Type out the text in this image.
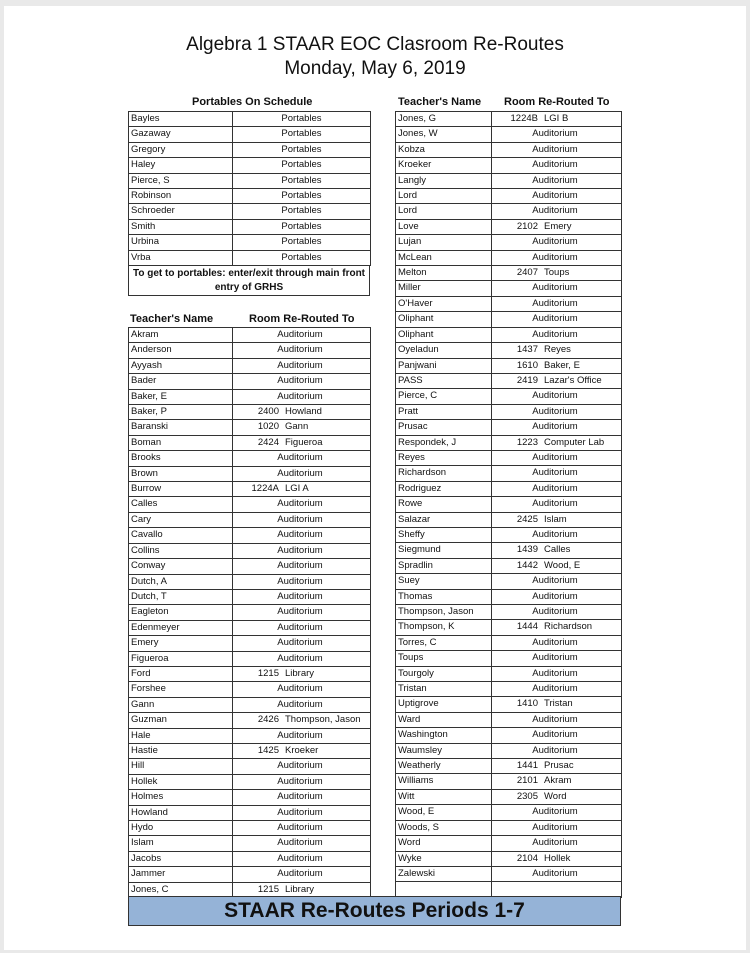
Algebra 1 STAAR EOC Clasroom Re-Routes
Monday, May 6, 2019
Portables On Schedule
Bayles	Portables
Gazaway	Portables
Gregory	Portables
Haley	Portables
Pierce, S	Portables
Robinson	Portables
Schroeder	Portables
Smith	Portables
Urbina	Portables
Vrba	Portables
To get to portables: enter/exit through main front entry of GRHS
Teacher's Name	Room Re-Routed To
Akram	Auditorium
Anderson	Auditorium
Ayyash	Auditorium
Bader	Auditorium
Baker, E	Auditorium
Baker, P	2400 Howland
Baranski	1020 Gann
Boman	2424 Figueroa
Brooks	Auditorium
Brown	Auditorium
Burrow	1224A LGI A
Calles	Auditorium
Cary	Auditorium
Cavallo	Auditorium
Collins	Auditorium
Conway	Auditorium
Dutch, A	Auditorium
Dutch, T	Auditorium
Eagleton	Auditorium
Edenmeyer	Auditorium
Emery	Auditorium
Figueroa	Auditorium
Ford	1215 Library
Forshee	Auditorium
Gann	Auditorium
Guzman	2426 Thompson, Jason
Hale	Auditorium
Hastie	1425 Kroeker
Hill	Auditorium
Hollek	Auditorium
Holmes	Auditorium
Howland	Auditorium
Hydo	Auditorium
Islam	Auditorium
Jacobs	Auditorium
Jammer	Auditorium
Jones, C	1215 Library
Teacher's Name Room Re-Routed To
Jones, G	1224B LGI B
Jones, W	Auditorium
Kobza	Auditorium
Kroeker	Auditorium
Langly	Auditorium
Lord	Auditorium
Lord	Auditorium
Love	2102 Emery
Lujan	Auditorium
McLean	Auditorium
Melton	2407 Toups
Miller	Auditorium
O'Haver	Auditorium
Oliphant	Auditorium
Oliphant	Auditorium
Oyeladun	1437 Reyes
Panjwani	1610 Baker, E
PASS	2419 Lazar's Office
Pierce, C	Auditorium
Pratt	Auditorium
Prusac	Auditorium
Respondek, J	1223 Computer Lab
Reyes	Auditorium
Richardson	Auditorium
Rodriguez	Auditorium
Rowe	Auditorium
Salazar	2425 Islam
Sheffy	Auditorium
Siegmund	1439 Calles
Spradlin	1442 Wood, E
Suey	Auditorium
Thomas	Auditorium
Thompson, Jason	Auditorium
Thompson, K	1444 Richardson
Torres, C	Auditorium
Toups	Auditorium
Tourgoly	Auditorium
Tristan	Auditorium
Uptigrove	1410 Tristan
Ward	Auditorium
Washington	Auditorium
Waumsley	Auditorium
Weatherly	1441 Prusac
Williams	2101 Akram
Witt	2305 Word
Wood, E	Auditorium
Woods, S	Auditorium
Word	Auditorium
Wyke	2104 Hollek
Zalewski	Auditorium

STAAR Re-Routes Periods 1-7
